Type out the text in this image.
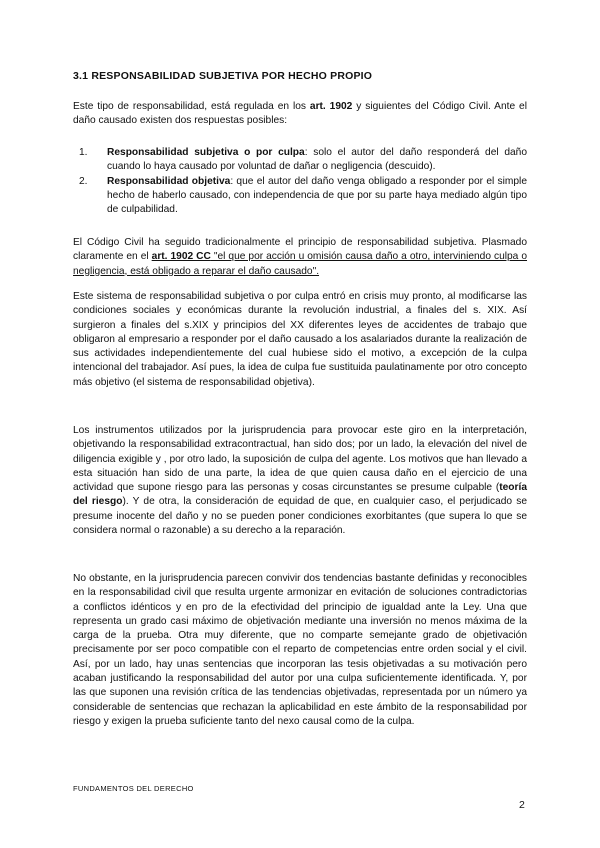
3.1 RESPONSABILIDAD SUBJETIVA POR HECHO PROPIO
Este tipo de responsabilidad, está regulada en los art. 1902 y siguientes del Código Civil. Ante el daño causado existen dos respuestas posibles:
1. Responsabilidad subjetiva o por culpa: solo el autor del daño responderá del daño cuando lo haya causado por voluntad de dañar o negligencia (descuido).
2. Responsabilidad objetiva: que el autor del daño venga obligado a responder por el simple hecho de haberlo causado, con independencia de que por su parte haya mediado algún tipo de culpabilidad.
El Código Civil ha seguido tradicionalmente el principio de responsabilidad subjetiva. Plasmado claramente en el art. 1902 CC "el que por acción u omisión causa daño a otro, interviniendo culpa o negligencia, está obligado a reparar el daño causado".
Este sistema de responsabilidad subjetiva o por culpa entró en crisis muy pronto, al modificarse las condiciones sociales y económicas durante la revolución industrial, a finales del s. XIX. Así surgieron a finales del s.XIX y principios del XX diferentes leyes de accidentes de trabajo que obligaron al empresario a responder por el daño causado a los asalariados durante la realización de sus actividades independientemente del cual hubiese sido el motivo, a excepción de la culpa intencional del trabajador. Así pues, la idea de culpa fue sustituida paulatinamente por otro concepto más objetivo (el sistema de responsabilidad objetiva).
Los instrumentos utilizados por la jurisprudencia para provocar este giro en la interpretación, objetivando la responsabilidad extracontractual, han sido dos; por un lado, la elevación del nivel de diligencia exigible y , por otro lado, la suposición de culpa del agente. Los motivos que han llevado a esta situación han sido de una parte, la idea de que quien causa daño en el ejercicio de una actividad que supone riesgo para las personas y cosas circunstantes se presume culpable (teoría del riesgo). Y de otra, la consideración de equidad de que, en cualquier caso, el perjudicado se presume inocente del daño y no se pueden poner condiciones exorbitantes (que supera lo que se considera normal o razonable) a su derecho a la reparación.
No obstante, en la jurisprudencia parecen convivir dos tendencias bastante definidas y reconocibles en la responsabilidad civil que resulta urgente armonizar en evitación de soluciones contradictorias a conflictos idénticos y en pro de la efectividad del principio de igualdad ante la Ley. Una que representa un grado casi máximo de objetivación mediante una inversión no menos máxima de la carga de la prueba. Otra muy diferente, que no comparte semejante grado de objetivación precisamente por ser poco compatible con el reparto de competencias entre orden social y el civil. Así, por un lado, hay unas sentencias que incorporan las tesis objetivadas a su motivación pero acaban justificando la responsabilidad del autor por una culpa suficientemente identificada. Y, por las que suponen una revisión crítica de las tendencias objetivadas, representada por un número ya considerable de sentencias que rechazan la aplicabilidad en este ámbito de la responsabilidad por riesgo y exigen la prueba suficiente tanto del nexo causal como de la culpa.
FUNDAMENTOS DEL DERECHO
2
